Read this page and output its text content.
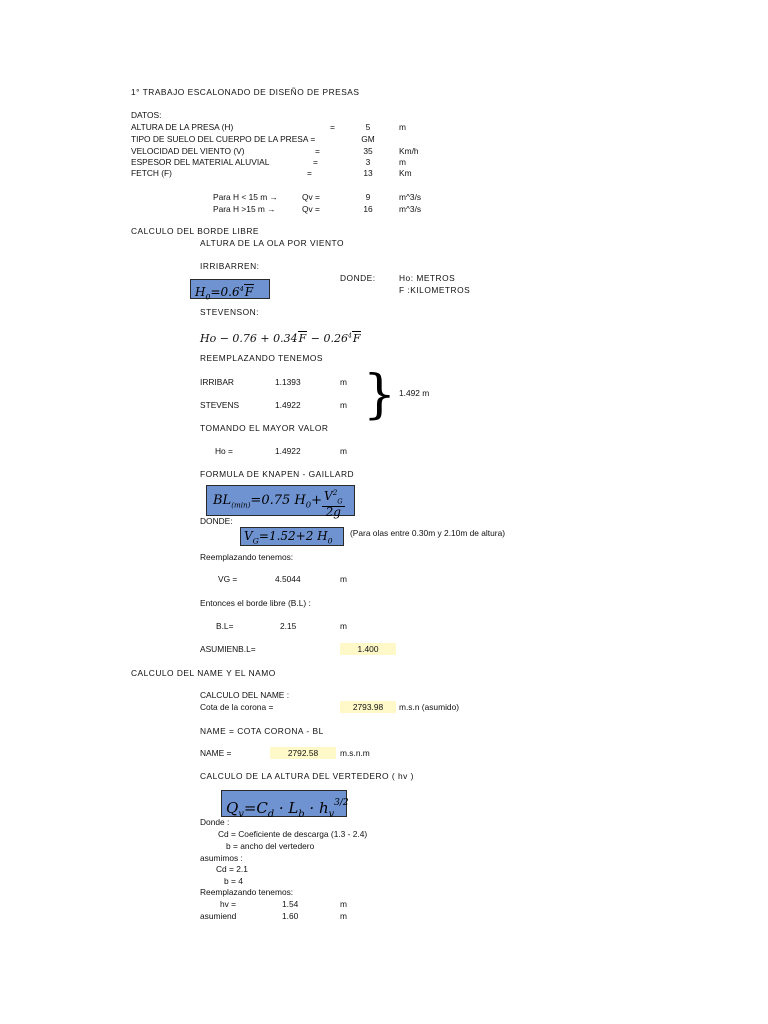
1° TRABAJO ESCALONADO DE DISEÑO DE PRESAS
DATOS:
ALTURA DE LA PRESA (H)	=	5	m
TIPO DE SUELO DEL CUERPO DE LA PRESA =	GM
VELOCIDAD DEL VIENTO (V)	=	35	Km/h
ESPESOR DEL MATERIAL ALUVIAL	=	3	m
FETCH (F)	=	13	Km
Para H < 15 m →	Qv =	9	m^3/s
Para H >15 m →	Qv =	16	m^3/s
CALCULO DEL BORDE LIBRE
ALTURA DE LA OLA POR VIENTO
IRRIBARREN:
DONDE:	Ho: METROS
F :KILOMETROS
$H_0=0.6^4F$
STEVENSON:
$Ho - 0.76 + 0.34F - 0.26^4F$
REEMPLAZANDO TENEMOS
IRRIBAR	1.1393	m
STEVENS	1.4922	m } 1.492 m
TOMANDO EL MAYOR VALOR
Ho =	1.4922	m
FORMULA DE KNAPEN - GAILLARD
$BL_{(min)}=0.75$ $H_0+ \frac{V^2_G}{2g}$
DONDE:
$V_G=1.52+2$ $H_0$
(Para olas entre 0.30m y 2.10m de altura)
Reemplazando tenemos:
VG =	4.5044	m
Entonces el borde libre (B.L) :
B.L=	2.15	m
ASUMIENB.L=	1.400
CALCULO DEL NAME Y EL NAMO
CALCULO DEL NAME :
Cota de la corona =	2793.98	m.s.n (asumido)
NAME = COTA CORONA - BL
NAME =	2792.58	m.s.n.m
CALCULO DE LA ALTURA DEL VERTEDERO ( hv )
$Q_v=C_d \cdot L_b \cdot h_v^{3/2}$
Donde :
Cd = Coeficiente de descarga (1.3 - 2.4)
b = ancho del vertedero
asumimos :
Cd = 2.1
b = 4
Reemplazando tenemos:
hv =	1.54	m
asumiend	1.60	m
